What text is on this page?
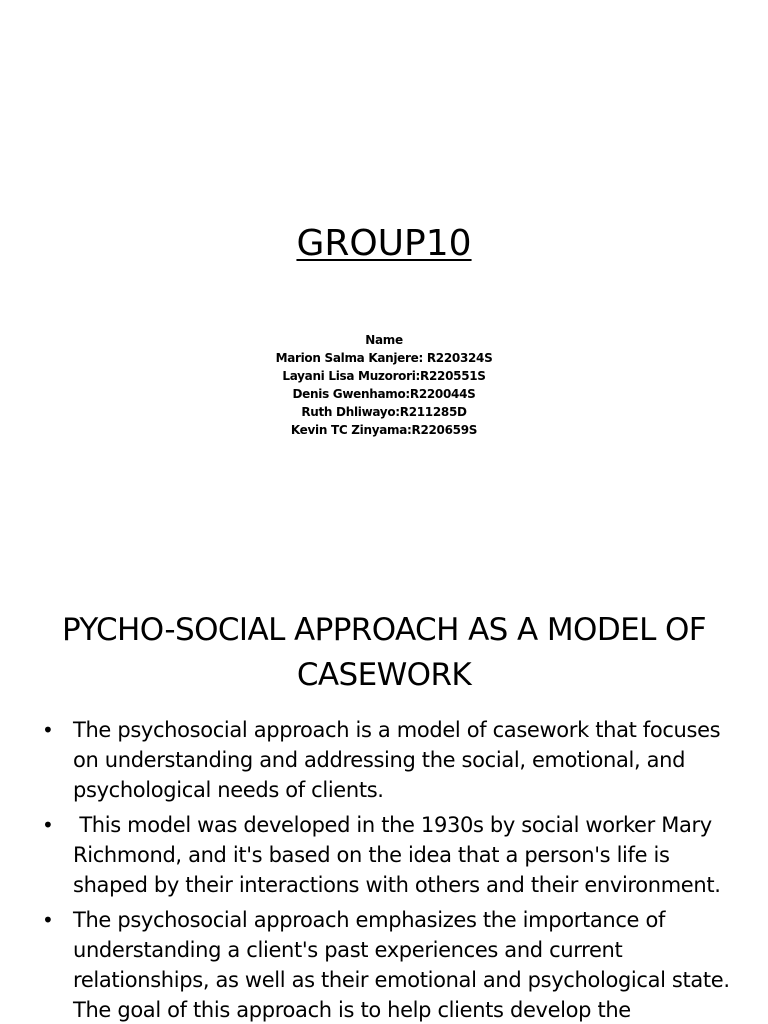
GROUP10
Name
Marion Salma Kanjere: R220324S
Layani Lisa Muzorori:R220551S
Denis Gwenhamo:R220044S
Ruth Dhliwayo:R211285D
Kevin TC Zinyama:R220659S
PYCHO-SOCIAL APPROACH AS A MODEL OF CASEWORK
• The psychosocial approach is a model of casework that focuses on understanding and addressing the social, emotional, and psychological needs of clients.
• This model was developed in the 1930s by social worker Mary Richmond, and it's based on the idea that a person's life is shaped by their interactions with others and their environment.
• The psychosocial approach emphasizes the importance of understanding a client's past experiences and current relationships, as well as their emotional and psychological state. The goal of this approach is to help clients develop the
